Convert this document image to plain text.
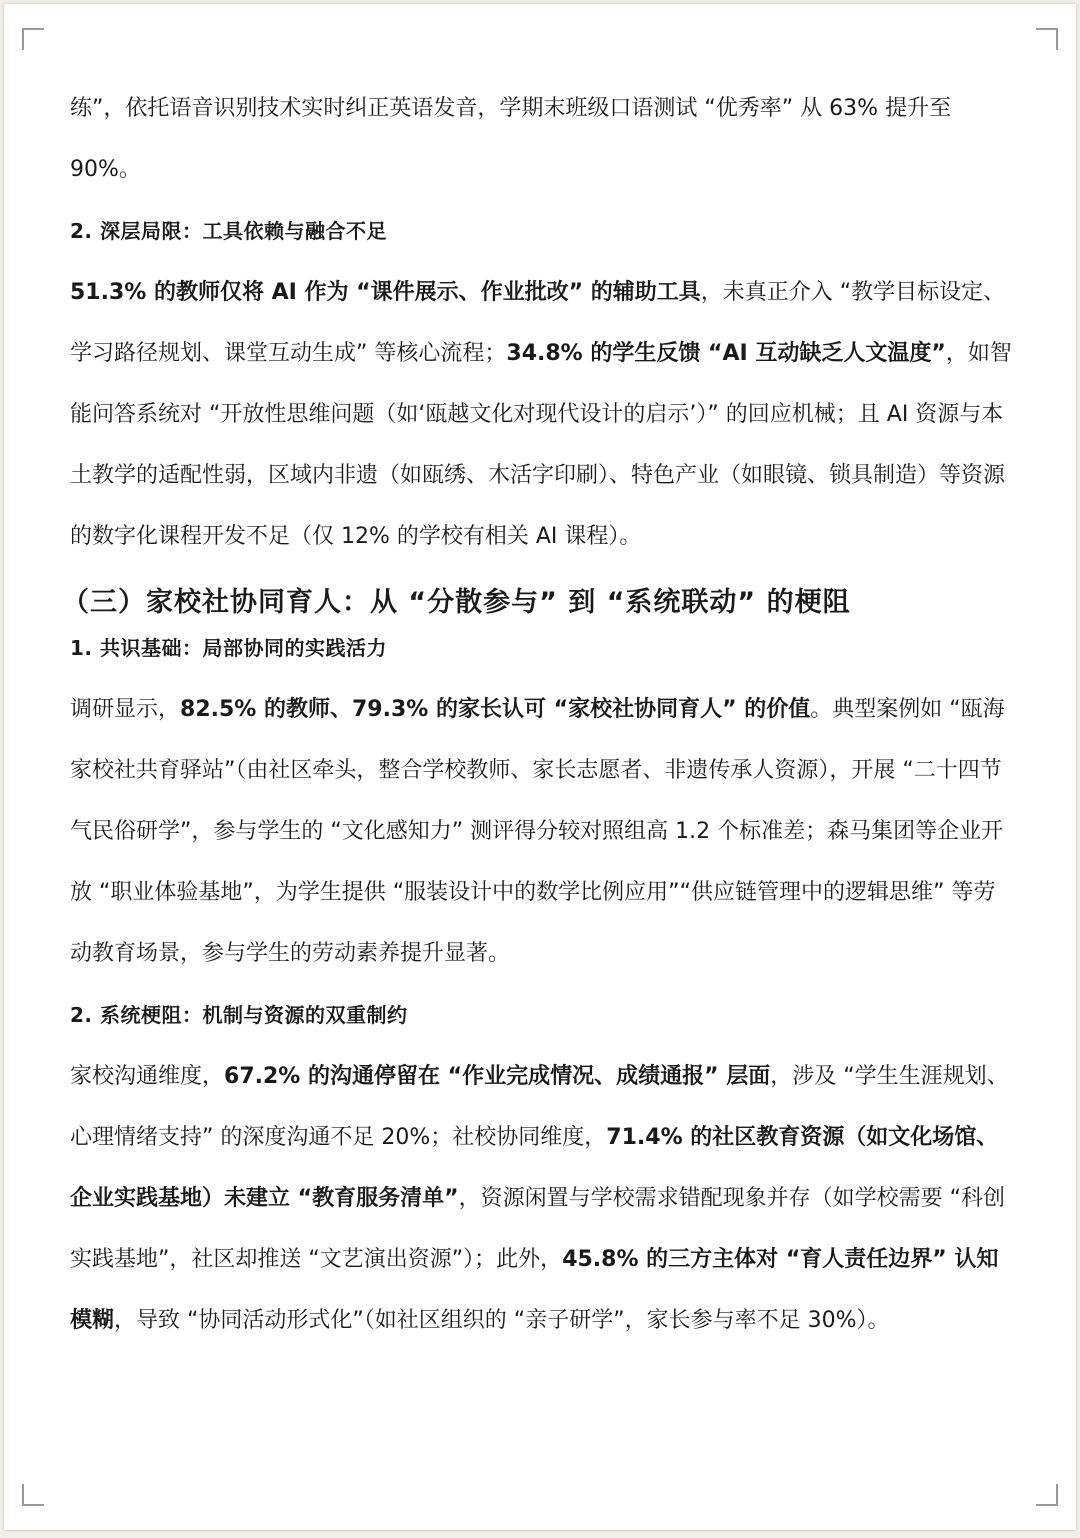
练”，依托语音识别技术实时纠正英语发音，学期末班级口语测试 “优秀率” 从 63% 提升至 90%。

2. 深层局限：工具依赖与融合不足

51.3% 的教师仅将 AI 作为 “课件展示、作业批改” 的辅助工具，未真正介入 “教学目标设定、学习路径规划、课堂互动生成” 等核心流程；34.8% 的学生反馈 “AI 互动缺乏人文温度”，如智能问答系统对 “开放性思维问题（如‘瓯越文化对现代设计的启示’）” 的回应机械；且 AI 资源与本土教学的适配性弱，区域内非遗（如瓯绣、木活字印刷）、特色产业（如眼镜、锁具制造）等资源的数字化课程开发不足（仅 12% 的学校有相关 AI 课程）。

（三）家校社协同育人：从 “分散参与” 到 “系统联动” 的梗阻
1. 共识基础：局部协同的实践活力

调研显示，82.5% 的教师、79.3% 的家长认可 “家校社协同育人” 的价值。典型案例如 “瓯海家校社共育驿站”（由社区牵头，整合学校教师、家长志愿者、非遗传承人资源），开展 “二十四节气民俗研学”，参与学生的 “文化感知力” 测评得分较对照组高 1.2 个标准差；森马集团等企业开放 “职业体验基地”，为学生提供 “服装设计中的数学比例应用”“供应链管理中的逻辑思维” 等劳动教育场景，参与学生的劳动素养提升显著。

2. 系统梗阻：机制与资源的双重制约

家校沟通维度，67.2% 的沟通停留在 “作业完成情况、成绩通报” 层面，涉及 “学生生涯规划、心理情绪支持” 的深度沟通不足 20%；社校协同维度，71.4% 的社区教育资源（如文化场馆、企业实践基地）未建立 “教育服务清单”，资源闲置与学校需求错配现象并存（如学校需要 “科创实践基地”，社区却推送 “文艺演出资源”）；此外，45.8% 的三方主体对 “育人责任边界” 认知模糊，导致 “协同活动形式化”（如社区组织的 “亲子研学”，家长参与率不足 30%）。
